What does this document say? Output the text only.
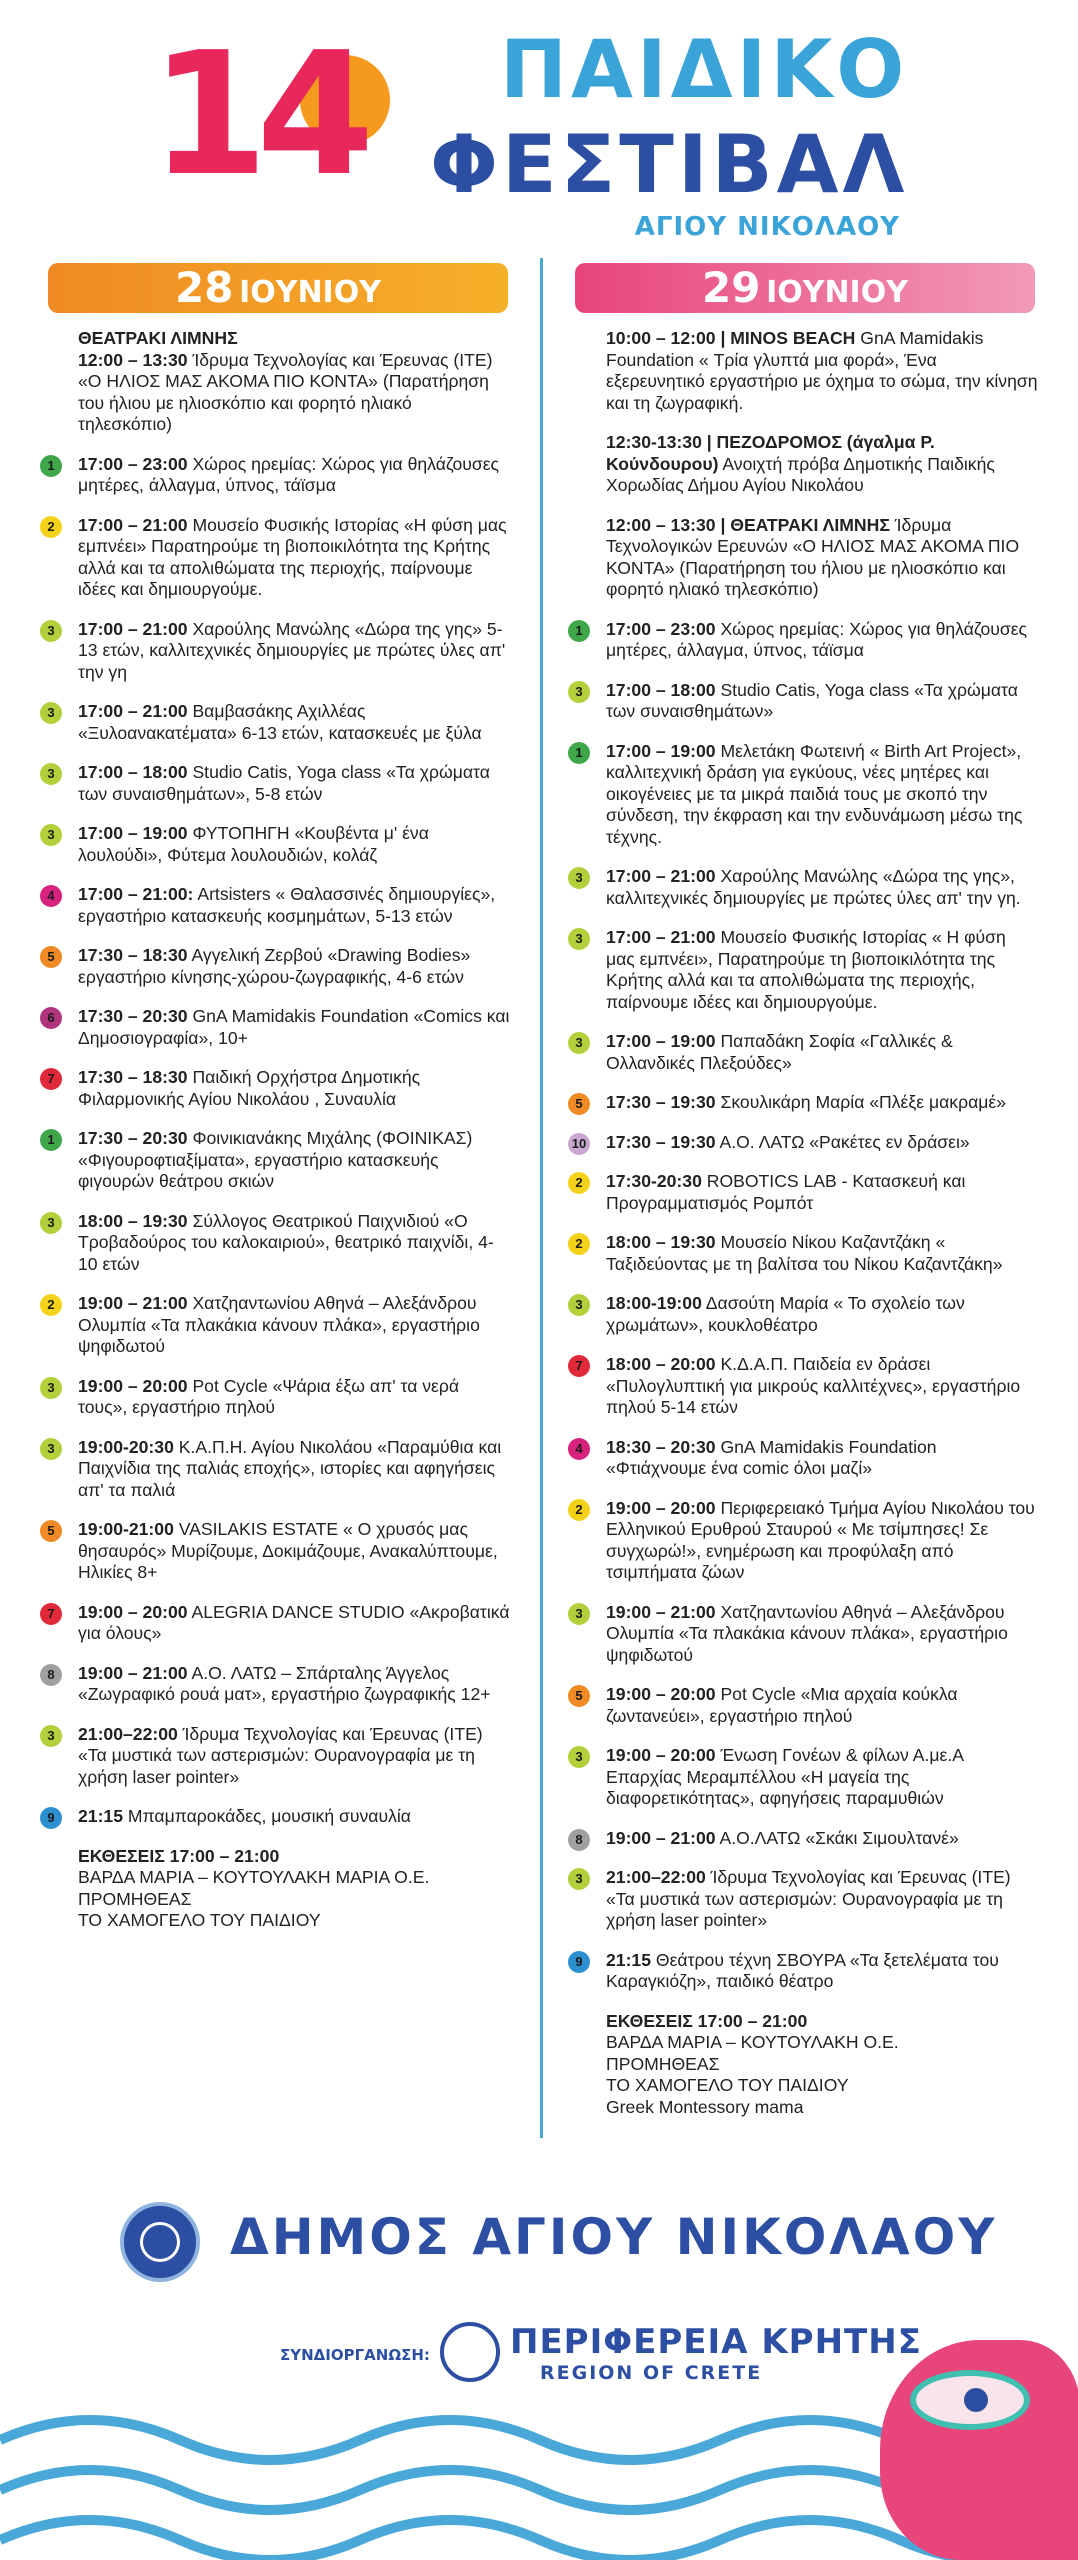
14 ΠΑΙΔΙΚΟ
ΦΕΣΤΙΒΑΛ
ΑΓΙΟΥ ΝΙΚΟΛΑΟΥ
28 ΙΟΥΝΙΟΥ	29 ΙΟΥΝΙΟΥ
ΘΕΑΤΡΑΚΙ ΛΙΜΝΗΣ
12:00 – 13:30 Ίδρυμα Τεχνολογίας και Έρευνας (ΙΤΕ) «Ο ΗΛΙΟΣ ΜΑΣ ΑΚΟΜΑ ΠΙΟ ΚΟΝΤΑ» (Παρατήρηση του ήλιου με ηλιοσκόπιο και φορητό ηλιακό τηλεσκόπιο)
1	17:00 – 23:00 Χώρος ηρεμίας: Χώρος για θηλάζουσες μητέρες, άλλαγμα, ύπνος, τάϊσμα
2	17:00 – 21:00 Μουσείο Φυσικής Ιστορίας «Η φύση μας εμπνέει» Παρατηρούμε τη βιοποικιλότητα της Κρήτης αλλά και τα απολιθώματα της περιοχής, παίρνουμε ιδέες και δημιουργούμε.
3	17:00 – 21:00 Χαρούλης Μανώλης «Δώρα της γης» 5-13 ετών, καλλιτεχνικές δημιουργίες με πρώτες ύλες απ' την γη
3	17:00 – 21:00 Βαμβασάκης Αχιλλέας «Ξυλοανακατέματα» 6-13 ετών, κατασκευές με ξύλα
3	17:00 – 18:00 Studio Catis, Yoga class «Τα χρώματα των συναισθημάτων», 5-8 ετών
3	17:00 – 19:00 ΦΥΤΟΠΗΓΗ «Κουβέντα μ' ένα λουλούδι», Φύτεμα λουλουδιών, κολάζ
4	17:00 – 21:00: Artsisters « Θαλασσινές δημιουργίες», εργαστήριο κατασκευής κοσμημάτων, 5-13 ετών
5	17:30 – 18:30 Αγγελική Ζερβού «Drawing Bodies» εργαστήριο κίνησης-χώρου-ζωγραφικής, 4-6 ετών
6	17:30 – 20:30 GnA Mamidakis Foundation «Comics και Δημοσιογραφία», 10+
7	17:30 – 18:30 Παιδική Ορχήστρα Δημοτικής Φιλαρμονικής Αγίου Νικολάου , Συναυλία
1	17:30 – 20:30 Φοινικιανάκης Μιχάλης (ΦΟΙΝΙΚΑΣ) «Φιγουροφτιαξίματα», εργαστήριο κατασκευής φιγουρών θεάτρου σκιών
3	18:00 – 19:30 Σύλλογος Θεατρικού Παιχνιδιού «Ο Τροβαδούρος του καλοκαιριού», θεατρικό παιχνίδι, 4-10 ετών
2	19:00 – 21:00 Χατζηαντωνίου Αθηνά – Αλεξάνδρου Ολυμπία «Τα πλακάκια κάνουν πλάκα», εργαστήριο ψηφιδωτού
3	19:00 – 20:00 Pot Cycle «Ψάρια έξω απ' τα νερά τους», εργαστήριο πηλού
3	19:00-20:30 Κ.Α.Π.Η. Αγίου Νικολάου «Παραμύθια και Παιχνίδια της παλιάς εποχής», ιστορίες και αφηγήσεις απ' τα παλιά
5	19:00-21:00 VASILAKIS ESTATE « Ο χρυσός μας θησαυρός» Μυρίζουμε, Δοκιμάζουμε, Ανακαλύπτουμε, Ηλικίες 8+
7	19:00 – 20:00 ALEGRIA DANCE STUDIO «Ακροβατικά για όλους»
8	19:00 – 21:00 Α.Ο. ΛΑΤΩ – Σπάρταλης Άγγελος «Ζωγραφικό ρουά ματ», εργαστήριο ζωγραφικής 12+
3	21:00–22:00 Ίδρυμα Τεχνολογίας και Έρευνας (ΙΤΕ) «Τα μυστικά των αστερισμών: Ουρανογραφία με τη χρήση laser pointer»
9	21:15 Μπαμπαροκάδες, μουσική συναυλία
ΕΚΘΕΣΕΙΣ 17:00 – 21:00
ΒΑΡΔΑ ΜΑΡΙΑ – ΚΟΥΤΟΥΛΑΚΗ ΜΑΡΙΑ Ο.Ε.
ΠΡΟΜΗΘΕΑΣ
ΤΟ ΧΑΜΟΓΕΛΟ ΤΟΥ ΠΑΙΔΙΟΥ
10:00 – 12:00 | MINOS BEACH GnA Mamidakis Foundation « Τρία γλυπτά μια φορά», Ένα εξερευνητικό εργαστήριο με όχημα το σώμα, την κίνηση και τη ζωγραφική.
12:30-13:30 | ΠΕΖΟΔΡΟΜΟΣ (άγαλμα Ρ. Κούνδουρου) Ανοιχτή πρόβα Δημοτικής Παιδικής Χορωδίας Δήμου Αγίου Νικολάου
12:00 – 13:30 | ΘΕΑΤΡΑΚΙ ΛΙΜΝΗΣ Ίδρυμα Τεχνολογικών Ερευνών «Ο ΗΛΙΟΣ ΜΑΣ ΑΚΟΜΑ ΠΙΟ ΚΟΝΤΑ» (Παρατήρηση του ήλιου με ηλιοσκόπιο και φορητό ηλιακό τηλεσκόπιο)
1	17:00 – 23:00 Χώρος ηρεμίας: Χώρος για θηλάζουσες μητέρες, άλλαγμα, ύπνος, τάϊσμα
3	17:00 – 18:00 Studio Catis, Yoga class «Τα χρώματα των συναισθημάτων»
1	17:00 – 19:00 Μελετάκη Φωτεινή « Birth Art Project», καλλιτεχνική δράση για εγκύους, νέες μητέρες και οικογένειες με τα μικρά παιδιά τους με σκοπό την σύνδεση, την έκφραση και την ενδυνάμωση μέσω της τέχνης.
3	17:00 – 21:00 Χαρούλης Μανώλης «Δώρα της γης», καλλιτεχνικές δημιουργίες με πρώτες ύλες απ' την γη.
3	17:00 – 21:00 Μουσείο Φυσικής Ιστορίας « Η φύση μας εμπνέει», Παρατηρούμε τη βιοποικιλότητα της Κρήτης αλλά και τα απολιθώματα της περιοχής, παίρνουμε ιδέες και δημιουργούμε.
3	17:00 – 19:00 Παπαδάκη Σοφία «Γαλλικές & Ολλανδικές Πλεξούδες»
5	17:30 – 19:30 Σκουλικάρη Μαρία «Πλέξε μακραμέ»
10 17:30 – 19:30 Α.Ο. ΛΑΤΩ «Ρακέτες εν δράσει»
2	17:30-20:30 ROBOTICS LAB - Κατασκευή και Προγραμματισμός Ρομπότ
2	18:00 – 19:30 Μουσείο Νίκου Καζαντζάκη « Ταξιδεύοντας με τη βαλίτσα του Νίκου Καζαντζάκη»
3	18:00-19:00 Δασούτη Μαρία « Το σχολείο των χρωμάτων», κουκλοθέατρο
7	18:00 – 20:00 Κ.Δ.Α.Π. Παιδεία εν δράσει «Πυλογλυπτική για μικρούς καλλιτέχνες», εργαστήριο πηλού 5-14 ετών
4	18:30 – 20:30 GnA Mamidakis Foundation «Φτιάχνουμε ένα comic όλοι μαζί»
2	19:00 – 20:00 Περιφερειακό Τμήμα Αγίου Νικολάου του Ελληνικού Ερυθρού Σταυρού « Με τσίμπησες! Σε συγχωρώ!», ενημέρωση και προφύλαξη από τσιμπήματα ζώων
3	19:00 – 21:00 Χατζηαντωνίου Αθηνά – Αλεξάνδρου Ολυμπία «Τα πλακάκια κάνουν πλάκα», εργαστήριο ψηφιδωτού
5	19:00 – 20:00 Pot Cycle «Μια αρχαία κούκλα ζωντανεύει», εργαστήριο πηλού
3	19:00 – 20:00 Ένωση Γονέων & φίλων Α.με.Α Επαρχίας Μεραμπέλλου «Η μαγεία της διαφορετικότητας», αφηγήσεις παραμυθιών
8	19:00 – 21:00 Α.Ο.ΛΑΤΩ «Σκάκι Σιμουλτανέ»
3	21:00–22:00 Ίδρυμα Τεχνολογίας και Έρευνας (ΙΤΕ) «Τα μυστικά των αστερισμών: Ουρανογραφία με τη χρήση laser pointer»
9	21:15 Θεάτρου τέχνη ΣΒΟΥΡΑ «Τα ξετελέματα του Καραγκιόζη», παιδικό θέατρο
ΕΚΘΕΣΕΙΣ 17:00 – 21:00
ΒΑΡΔΑ ΜΑΡΙΑ – ΚΟΥΤΟΥΛΑΚΗ Ο.Ε.
ΠΡΟΜΗΘΕΑΣ
ΤΟ ΧΑΜΟΓΕΛΟ ΤΟΥ ΠΑΙΔΙΟΥ
Greek Montessory mama
ΔΗΜΟΣ ΑΓΙΟΥ ΝΙΚΟΛΑΟΥ
ΣΥΝΔΙΟΡΓΑΝΩΣΗ: ΠΕΡΙΦΕΡΕΙΑ ΚΡΗΤΗΣ
REGION OF CRETE
